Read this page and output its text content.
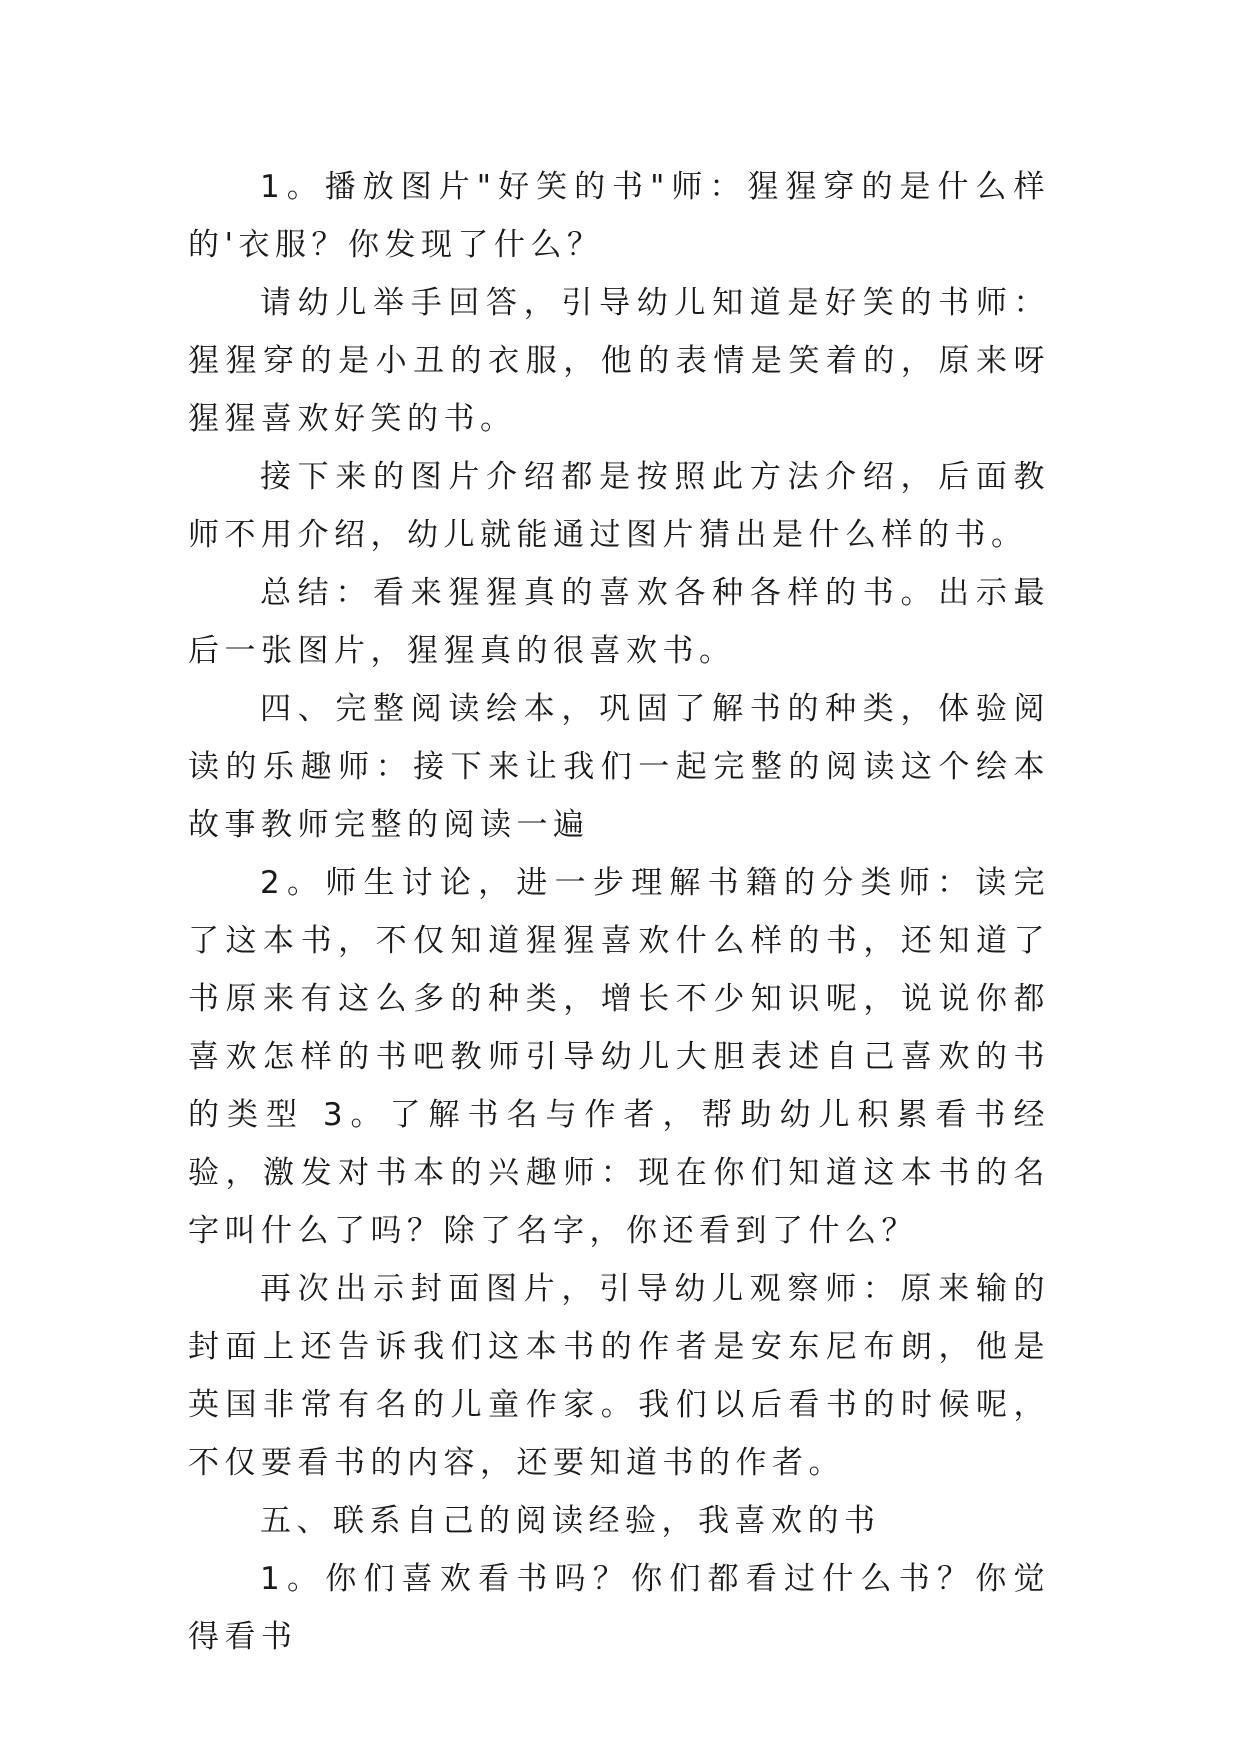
1。播放图片"好笑的书"师：猩猩穿的是什么样的'衣服？你发现了什么？

请幼儿举手回答，引导幼儿知道是好笑的书师：猩猩穿的是小丑的衣服，他的表情是笑着的，原来呀猩猩喜欢好笑的书。

接下来的图片介绍都是按照此方法介绍，后面教师不用介绍，幼儿就能通过图片猜出是什么样的书。

总结：看来猩猩真的喜欢各种各样的书。出示最后一张图片，猩猩真的很喜欢书。

四、完整阅读绘本，巩固了解书的种类，体验阅读的乐趣师：接下来让我们一起完整的阅读这个绘本故事教师完整的阅读一遍

2。师生讨论，进一步理解书籍的分类师：读完了这本书，不仅知道猩猩喜欢什么样的书，还知道了书原来有这么多的种类，增长不少知识呢，说说你都喜欢怎样的书吧教师引导幼儿大胆表述自己喜欢的书的类型 3。了解书名与作者，帮助幼儿积累看书经验，激发对书本的兴趣师：现在你们知道这本书的名字叫什么了吗？除了名字，你还看到了什么？

再次出示封面图片，引导幼儿观察师：原来输的封面上还告诉我们这本书的作者是安东尼布朗，他是英国非常有名的儿童作家。我们以后看书的时候呢，不仅要看书的内容，还要知道书的作者。

五、联系自己的阅读经验，我喜欢的书

1。你们喜欢看书吗？你们都看过什么书？你觉得看书
